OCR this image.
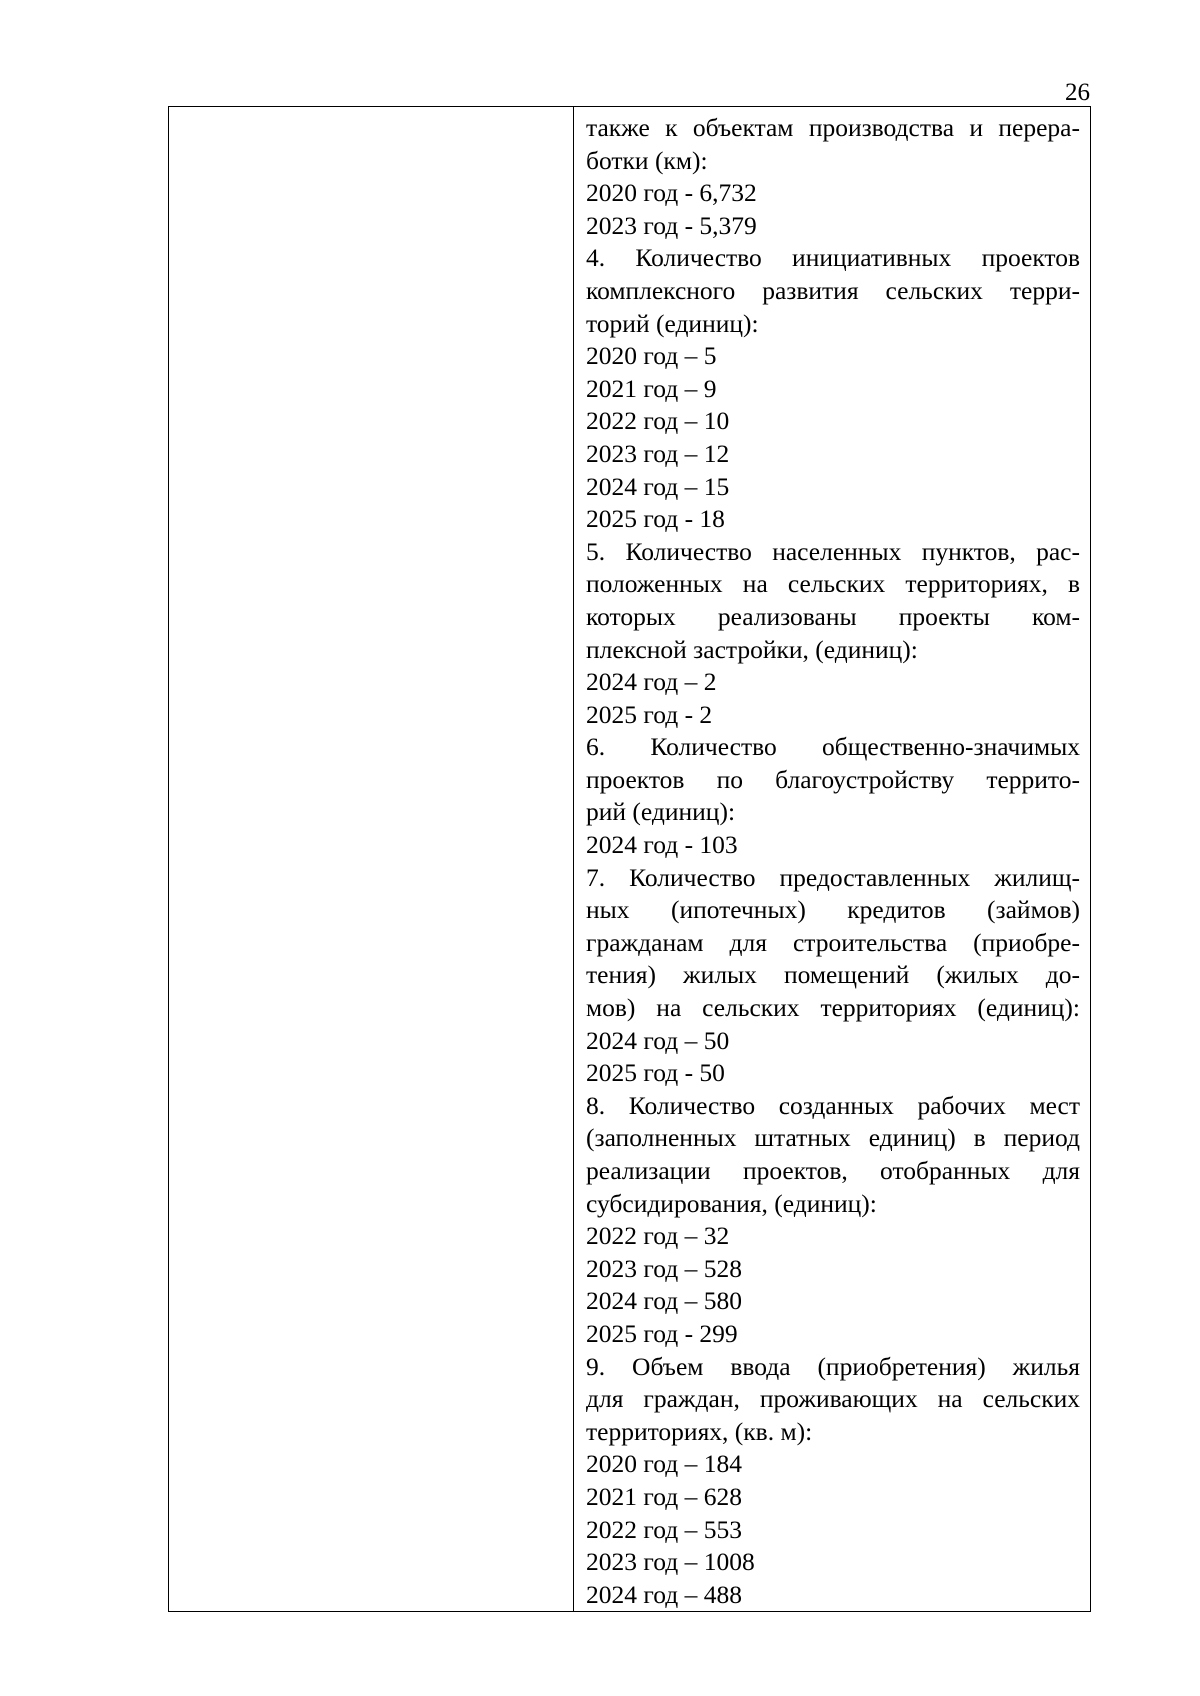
26

также к объектам производства и перера-
ботки (км):
2020 год - 6,732
2023 год - 5,379
4. Количество инициативных проектов
комплексного развития сельских терри-
торий (единиц):
2020 год – 5
2021 год – 9
2022 год – 10
2023 год – 12
2024 год – 15
2025 год - 18
5. Количество населенных пунктов, рас-
положенных на сельских территориях, в
которых реализованы проекты ком-
плексной застройки, (единиц):
2024 год – 2
2025 год - 2
6. Количество общественно-значимых
проектов по благоустройству террито-
рий (единиц):
2024 год - 103
7. Количество предоставленных жилищ-
ных (ипотечных) кредитов (займов)
гражданам для строительства (приобре-
тения) жилых помещений (жилых до-
мов) на сельских территориях (единиц):
2024 год – 50
2025 год - 50
8. Количество созданных рабочих мест
(заполненных штатных единиц) в период
реализации проектов, отобранных для
субсидирования, (единиц):
2022 год – 32
2023 год – 528
2024 год – 580
2025 год - 299
9. Объем ввода (приобретения) жилья
для граждан, проживающих на сельских
территориях, (кв. м):
2020 год – 184
2021 год – 628
2022 год – 553
2023 год – 1008
2024 год – 488
